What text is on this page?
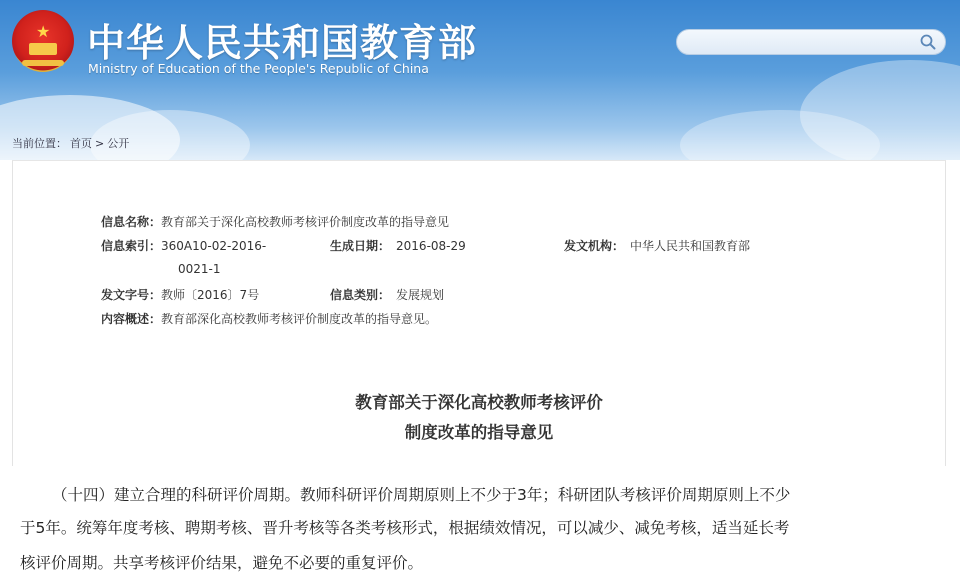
★ 中华人民共和国教育部
Ministry of Education of the People's Republic of China
当前位置： 首页 > 公开
信息名称：教育部关于深化高校教师考核评价制度改革的指导意见
信息索引：360A10-02-2016-
0021-1
生成日期：　 2016-08-29	发文机构：　 中华人民共和国教育部
发文字号：教师〔2016〕7号	信息类别：　 发展规划
内容概述：教育部深化高校教师考核评价制度改革的指导意见。
教育部关于深化高校教师考核评价
制度改革的指导意见
（十四）建立合理的科研评价周期。教师科研评价周期原则上不少于3年；科研团队考核评价周期原则上不少
于5年。统筹年度考核、聘期考核、晋升考核等各类考核形式，根据绩效情况，可以减少、减免考核，适当延长考
核评价周期。共享考核评价结果，避免不必要的重复评价。
